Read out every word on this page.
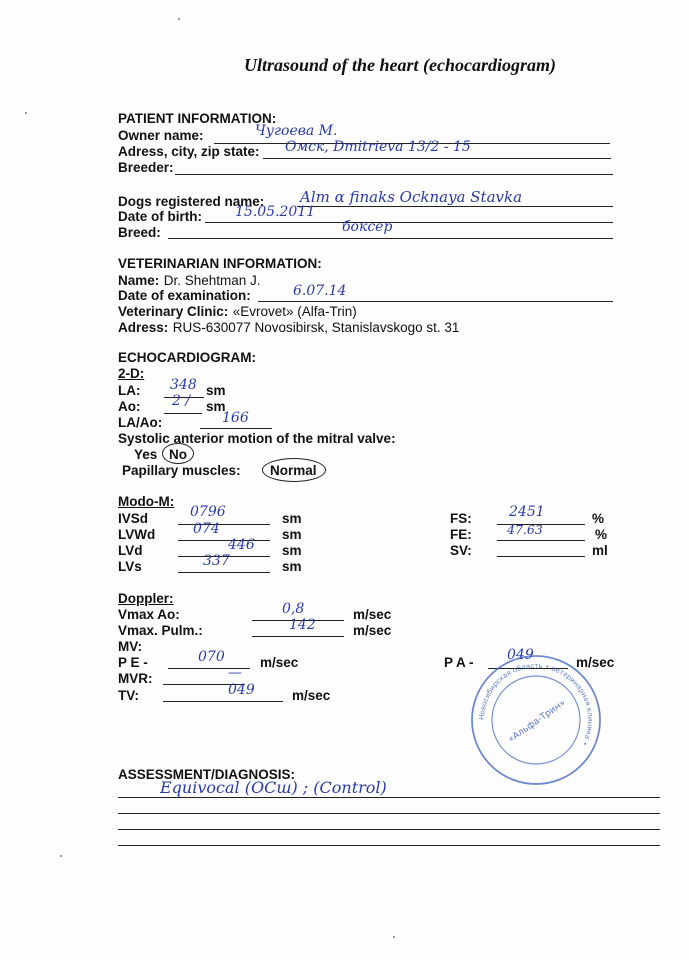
Ultrasound of the heart (echocardiogram)
PATIENT INFORMATION:
Owner name:	Чугоева М.
Adress, city, zip state: Омск, Dmitrieva 13/2 - 15
Breeder:
Dogs registered name: Alm α finaks Ocknaya Stavka
Date of birth: 15.05.2011
Breed:	боксер
VETERINARIAN INFORMATION:
Name: Dr. Shehtman J.
Date of examination:	6.07.14
Veterinary Clinic: «Evrovet» (Alfa-Trin)
Adress: RUS-630077 Novosibirsk, Stanislavskogo st. 31
ECHOCARDIOGRAM:
2-D:
LA: 348 sm
Ao: 2 / sm
LA/Ao:	166
Systolic anterior motion of the mitral valve:
Yes No
Papillary muscles: Normal
Modo-M:
IVSd	0796	sm
LVWd	074	sm
LVd	446 sm
LVs	337	sm
FS:	2451	%
FE:	47.63	%
SV:	ml
Doppler:
Vmax Ao:	0,8	m/sec
Vmax. Pulm.:	142	m/sec
MV:
P E -	070	m/sec	P A - 049	m/sec
MVR:	—
TV:	049	m/sec
Новосибирская область • ветеринарная клиника •
«Альфа-Трин»
ASSESSMENT/DIAGNOSIS:
Equivocal (ОСш) ; (Control)
